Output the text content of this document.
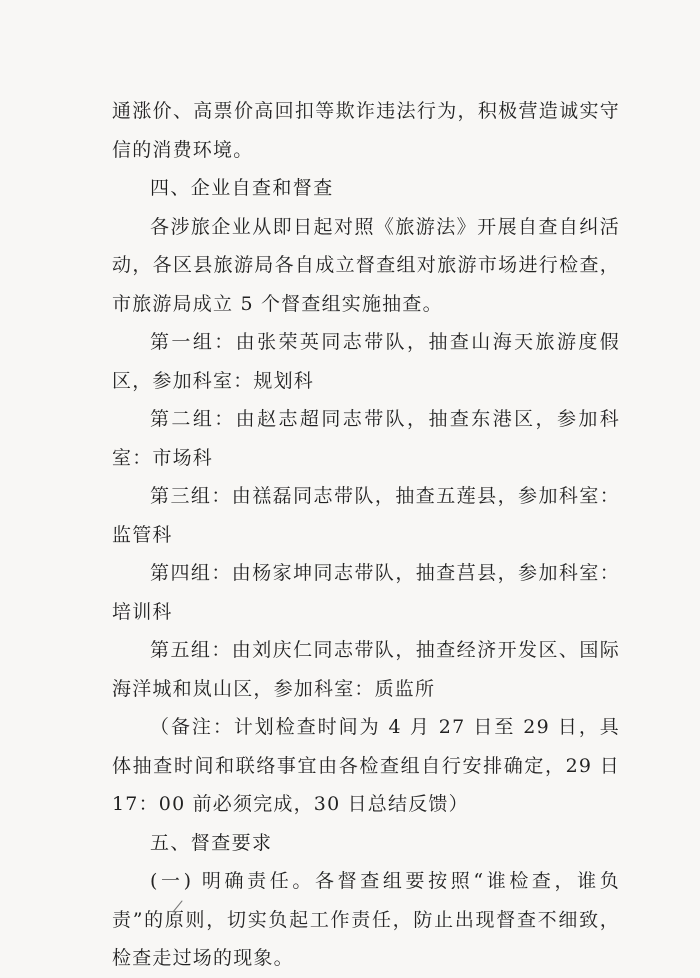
通涨价、高票价高回扣等欺诈违法行为，积极营造诚实守信的消费环境。

四、企业自查和督查

各涉旅企业从即日起对照《旅游法》开展自查自纠活动，各区县旅游局各自成立督查组对旅游市场进行检查，市旅游局成立 5 个督查组实施抽查。

第一组：由张荣英同志带队，抽查山海天旅游度假区，参加科室：规划科

第二组：由赵志超同志带队，抽查东港区，参加科室：市场科

第三组：由禚磊同志带队，抽查五莲县，参加科室：监管科

第四组：由杨家坤同志带队，抽查莒县，参加科室：培训科

第五组：由刘庆仁同志带队，抽查经济开发区、国际海洋城和岚山区，参加科室：质监所

（备注：计划检查时间为 4 月 27 日至 29 日，具体抽查时间和联络事宜由各检查组自行安排确定，29 日 17：00 前必须完成，30 日总结反馈）

五、督查要求

(一) 明确责任。各督查组要按照“谁检查，谁负责”的原则，切实负起工作责任，防止出现督查不细致，检查走过场的现象。
